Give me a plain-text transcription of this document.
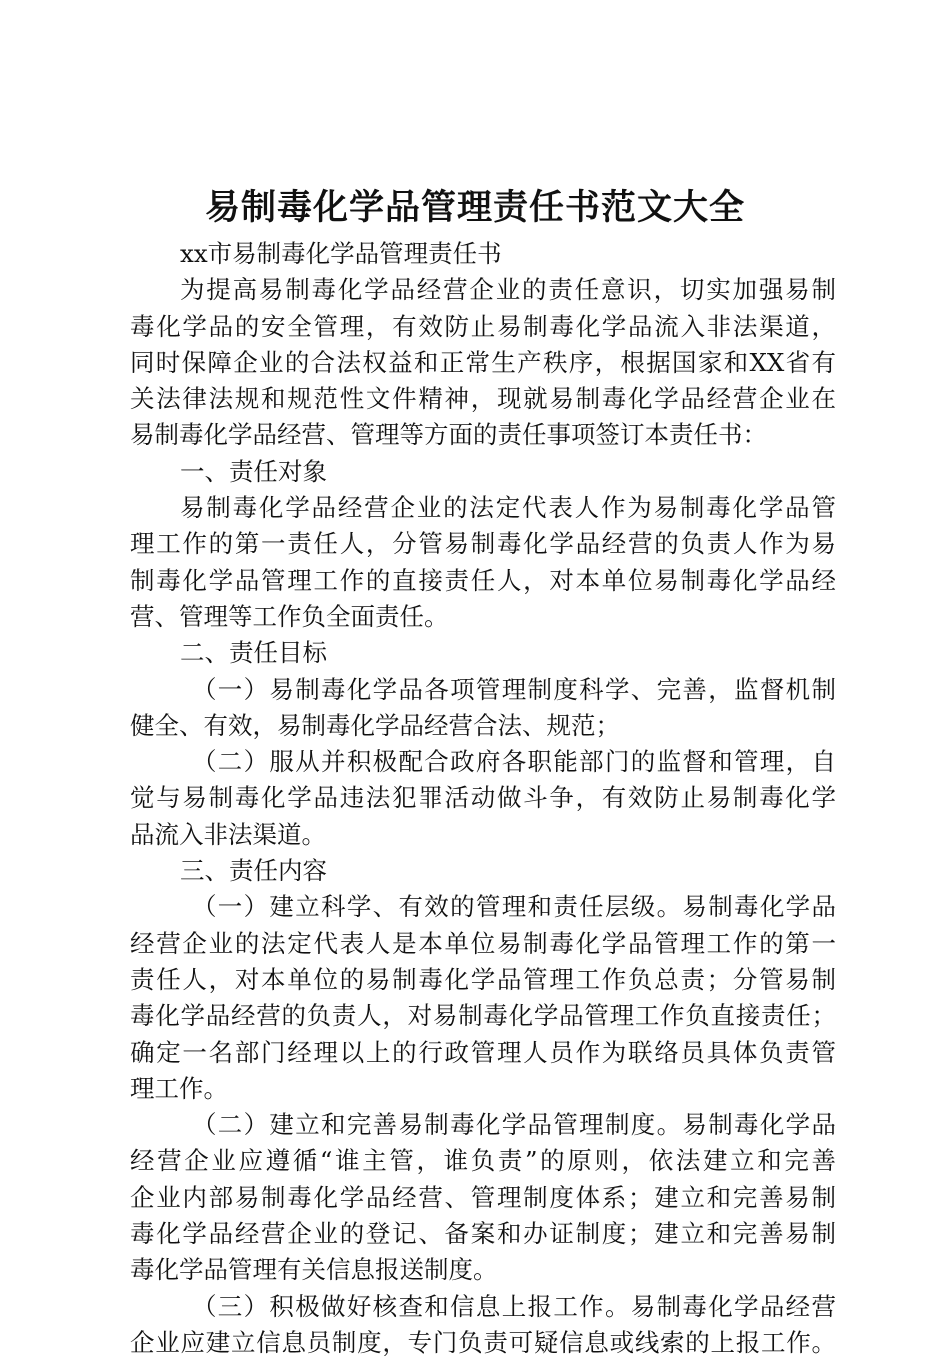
易制毒化学品管理责任书范文大全
xx市易制毒化学品管理责任书
为提高易制毒化学品经营企业的责任意识，切实加强易制
毒化学品的安全管理，有效防止易制毒化学品流入非法渠道，
同时保障企业的合法权益和正常生产秩序，根据国家和XX省有
关法律法规和规范性文件精神，现就易制毒化学品经营企业在
易制毒化学品经营、管理等方面的责任事项签订本责任书：
一、责任对象
易制毒化学品经营企业的法定代表人作为易制毒化学品管
理工作的第一责任人，分管易制毒化学品经营的负责人作为易
制毒化学品管理工作的直接责任人，对本单位易制毒化学品经
营、管理等工作负全面责任。
二、责任目标
（一）易制毒化学品各项管理制度科学、完善，监督机制
健全、有效，易制毒化学品经营合法、规范；
（二）服从并积极配合政府各职能部门的监督和管理，自
觉与易制毒化学品违法犯罪活动做斗争，有效防止易制毒化学
品流入非法渠道。
三、责任内容
（一）建立科学、有效的管理和责任层级。易制毒化学品
经营企业的法定代表人是本单位易制毒化学品管理工作的第一
责任人，对本单位的易制毒化学品管理工作负总责；分管易制
毒化学品经营的负责人，对易制毒化学品管理工作负直接责任；
确定一名部门经理以上的行政管理人员作为联络员具体负责管
理工作。
（二）建立和完善易制毒化学品管理制度。易制毒化学品
经营企业应遵循“谁主管，谁负责”的原则，依法建立和完善
企业内部易制毒化学品经营、管理制度体系；建立和完善易制
毒化学品经营企业的登记、备案和办证制度；建立和完善易制
毒化学品管理有关信息报送制度。
（三）积极做好核查和信息上报工作。易制毒化学品经营
企业应建立信息员制度，专门负责可疑信息或线索的上报工作。
